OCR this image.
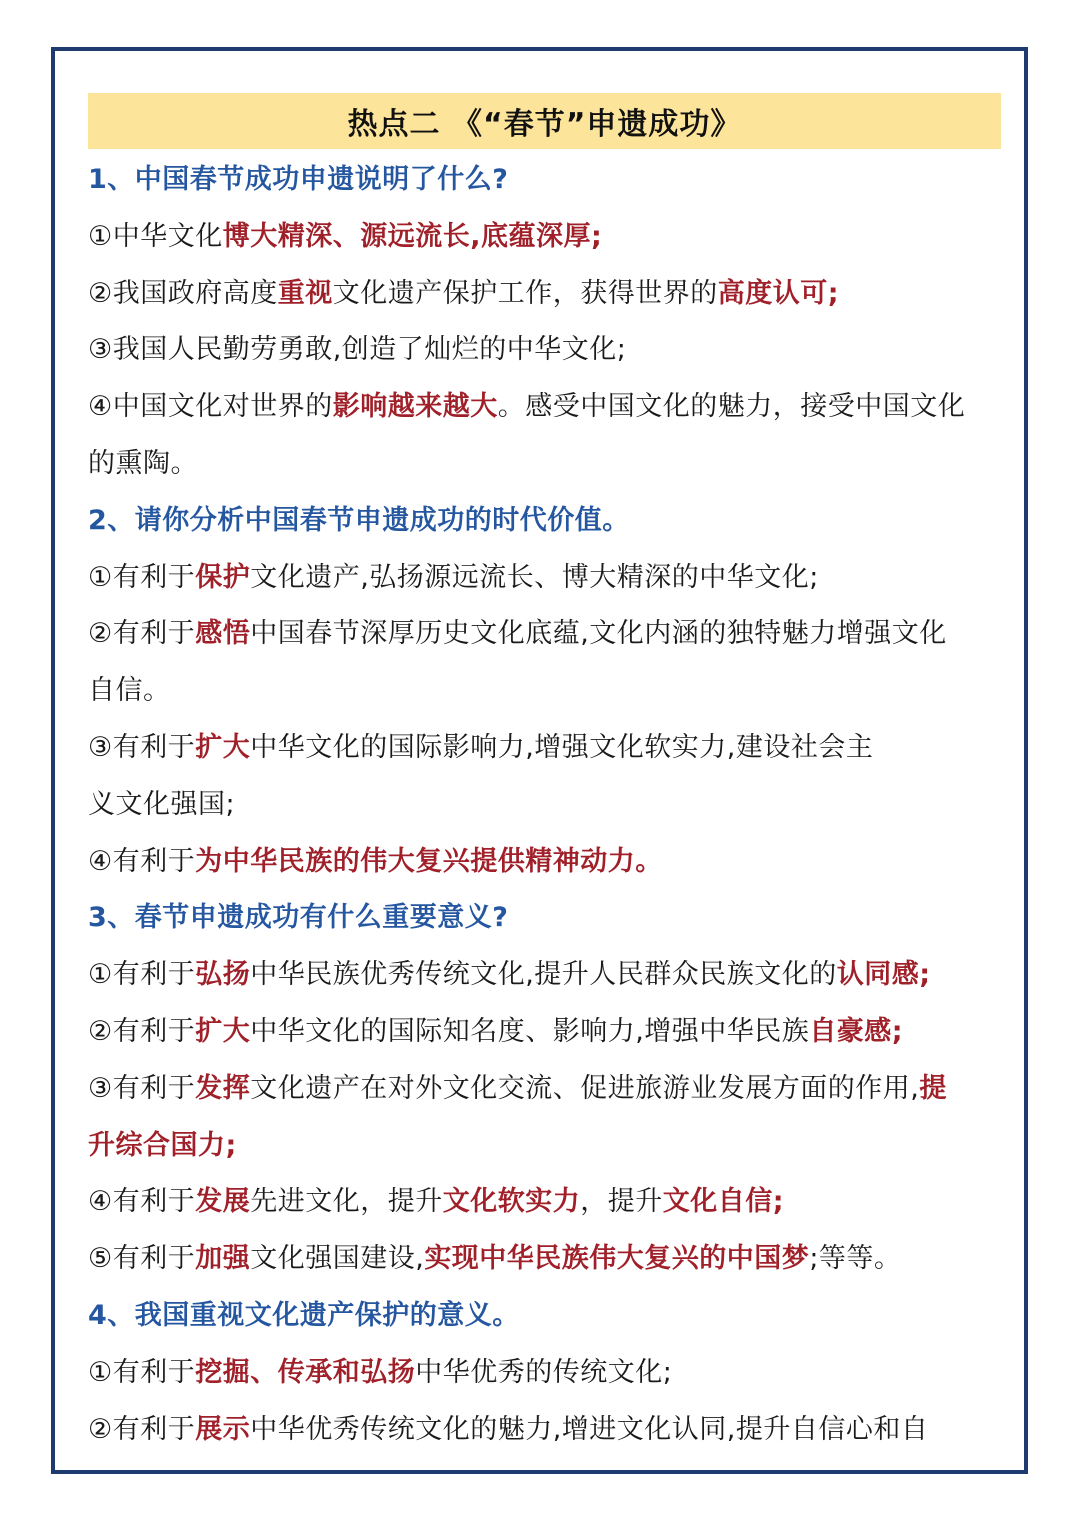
热点二 《“春节”申遗成功》
1、中国春节成功申遗说明了什么?
①中华文化博大精深、源远流长,底蕴深厚;
②我国政府高度重视文化遗产保护工作，获得世界的高度认可;
③我国人民勤劳勇敢,创造了灿烂的中华文化;
④中国文化对世界的影响越来越大。感受中国文化的魅力，接受中国文化
的熏陶。
2、请你分析中国春节申遗成功的时代价值。
①有利于保护文化遗产,弘扬源远流长、博大精深的中华文化;
②有利于感悟中国春节深厚历史文化底蕴,文化内涵的独特魅力增强文化
自信。
③有利于扩大中华文化的国际影响力,增强文化软实力,建设社会主
义文化强国;
④有利于为中华民族的伟大复兴提供精神动力。
3、春节申遗成功有什么重要意义?
①有利于弘扬中华民族优秀传统文化,提升人民群众民族文化的认同感;
②有利于扩大中华文化的国际知名度、影响力,增强中华民族自豪感;
③有利于发挥文化遗产在对外文化交流、促进旅游业发展方面的作用,提
升综合国力;
④有利于发展先进文化，提升文化软实力，提升文化自信;
⑤有利于加强文化强国建设,实现中华民族伟大复兴的中国梦;等等。
4、我国重视文化遗产保护的意义。
①有利于挖掘、传承和弘扬中华优秀的传统文化;
②有利于展示中华优秀传统文化的魅力,增进文化认同,提升自信心和自
